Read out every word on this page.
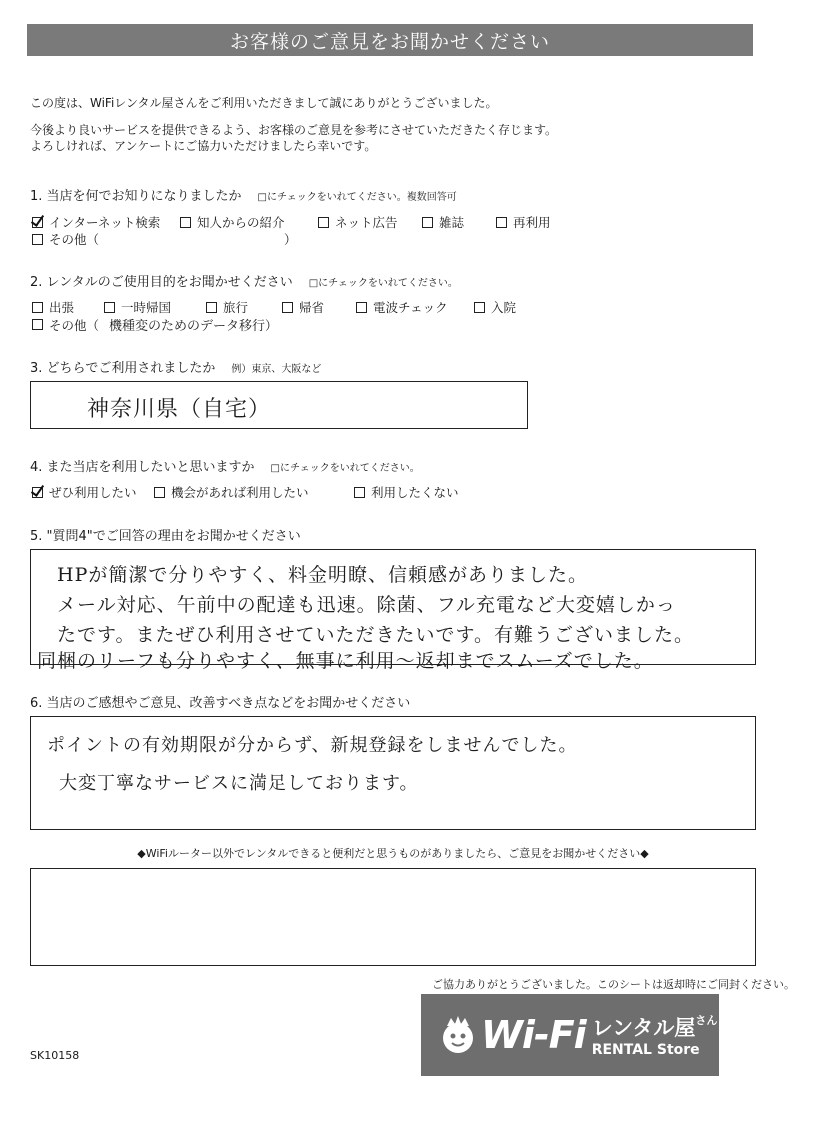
お客様のご意見をお聞かせください
この度は、WiFiレンタル屋さんをご利用いただきまして誠にありがとうございました。
今後より良いサービスを提供できるよう、お客様のご意見を参考にさせていただきたく存じます。
よろしければ、アンケートにご協力いただけましたら幸いです。
1. 当店を何でお知りになりましたか □にチェックをいれてください。複数回答可
インターネット検索	知人からの紹介	ネット広告	雑誌	再利用
その他（	）
2. レンタルのご使用目的をお聞かせください □にチェックをいれてください。
出張	一時帰国	旅行	帰省	電波チェック	入院
その他（ 機種変のためのデータ移行 ）
3. どちらでご利用されましたか 例）東京、大阪など
神奈川県（自宅）
4. また当店を利用したいと思いますか □にチェックをいれてください。
ぜひ利用したい	機会があれば利用したい	利用したくない
5. "質問4"でご回答の理由をお聞かせください
HPが簡潔で分りやすく、料金明瞭、信頼感がありました。
メール対応、午前中の配達も迅速。除菌、フル充電など大変嬉しかっ
たです。またぜひ利用させていただきたいです。有難うございました。
同梱のリーフも分りやすく、無事に利用～返却までスムーズでした。
6. 当店のご感想やご意見、改善すべき点などをお聞かせください
ポイントの有効期限が分からず、新規登録をしませんでした。
大変丁寧なサービスに満足しております。
◆WiFiルーター以外でレンタルできると便利だと思うものがありましたら、ご意見をお聞かせください◆
ご協力ありがとうございました。このシートは返却時にご同封ください。
SK10158	Wi-Fi レンタル屋$^{さん}$
RENTAL Store
